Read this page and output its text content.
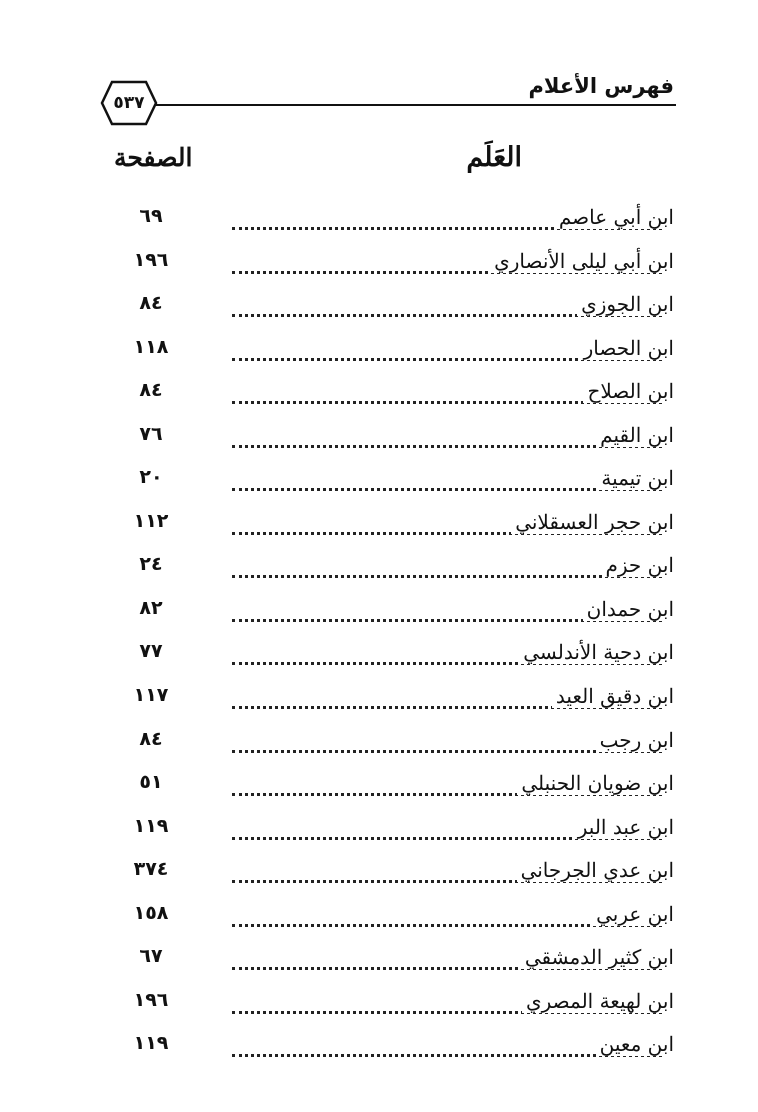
فهرس الأعلام
٥٣٧
العَلَم
الصفحة
ابن أبي عاصم
٦٩
ابن أبي ليلى الأنصاري
١٩٦
ابن الجوزي
٨٤
ابن الحصار
١١٨
ابن الصلاح
٨٤
ابن القيم
٧٦
ابن تيمية
٢٠
ابن حجر العسقلاني
١١٢
ابن حزم
٢٤
ابن حمدان
٨٢
ابن دحية الأندلسي
٧٧
ابن دقيق العيد
١١٧
ابن رجب
٨٤
ابن ضويان الحنبلي
٥١
ابن عبد البر
١١٩
ابن عدي الجرجاني
٣٧٤
ابن عربي
١٥٨
ابن كثير الدمشقي
٦٧
ابن لهيعة المصري
١٩٦
ابن معين
١١٩
